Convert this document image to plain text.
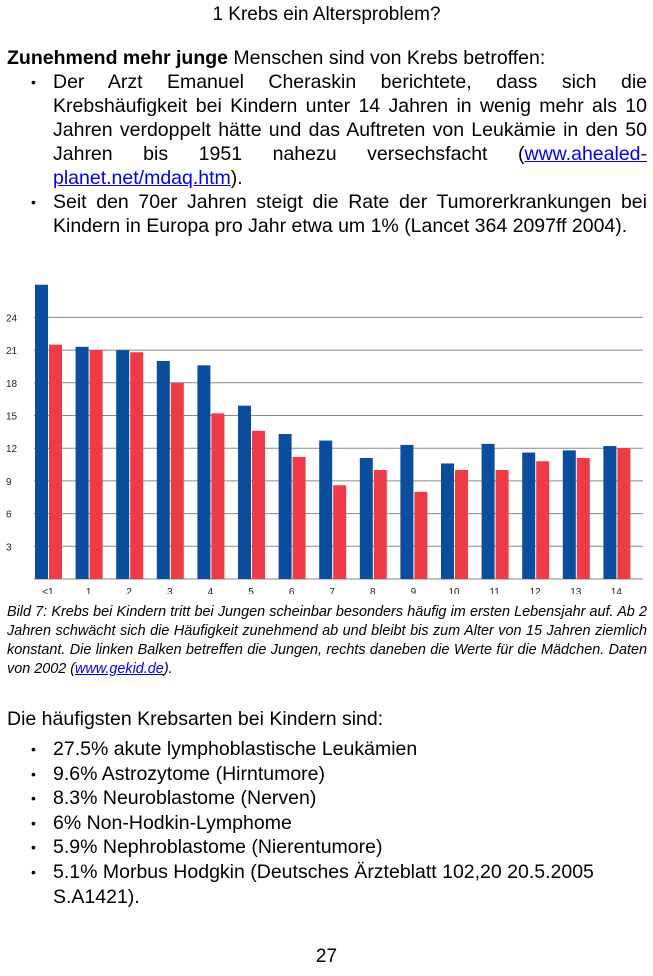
1 Krebs ein Altersproblem?
Zunehmend mehr junge Menschen sind von Krebs betroffen:
• Der Arzt Emanuel Cheraskin berichtete, dass sich die Krebshäufigkeit bei Kindern unter 14 Jahren in wenig mehr als 10 Jahren verdoppelt hätte und das Auftreten von Leukämie in den 50 Jahren bis 1951 nahezu versechsfacht (www.ahealed-planet.net/mdaq.htm).
• Seit den 70er Jahren steigt die Rate der Tumorerkrankungen bei Kindern in Europa pro Jahr etwa um 1% (Lancet 364 2097ff 2004).
3
6
9
12
15
18
21
24
<1	1	2	3	4	5	6	7	8	9	10	11	12	13	14
Bild 7: Krebs bei Kindern tritt bei Jungen scheinbar besonders häufig im ersten Lebensjahr auf. Ab 2 Jahren schwächt sich die Häufigkeit zunehmend ab und bleibt bis zum Alter von 15 Jahren ziemlich konstant. Die linken Balken betreffen die Jungen, rechts daneben die Werte für die Mädchen. Daten von 2002 (www.gekid.de).
Die häufigsten Krebsarten bei Kindern sind:
• 27.5% akute lymphoblastische Leukämien
• 9.6% Astrozytome (Hirntumore)
• 8.3% Neuroblastome (Nerven)
• 6% Non-Hodkin-Lymphome
• 5.9% Nephroblastome (Nierentumore)
• 5.1% Morbus Hodgkin (Deutsches Ärzteblatt 102,20 20.5.2005 S.A1421).
27
